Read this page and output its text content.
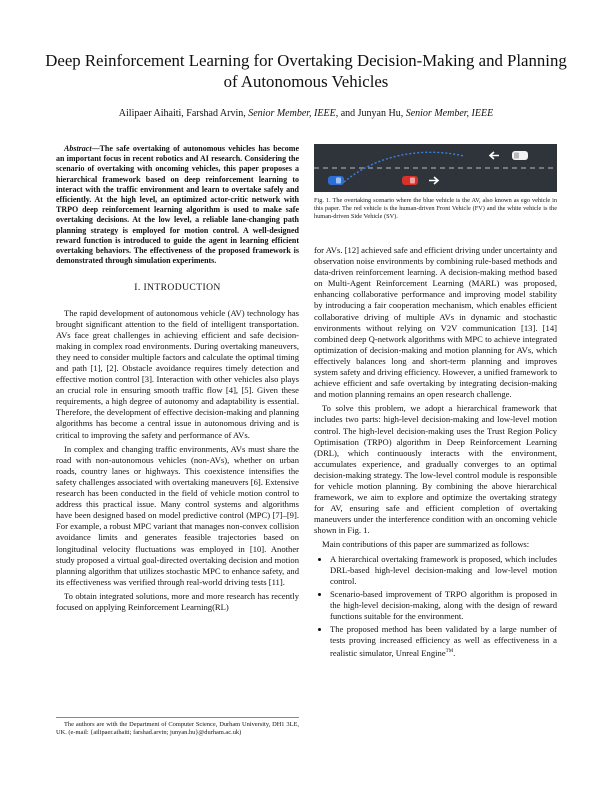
Deep Reinforcement Learning for Overtaking Decision-Making and Planning of Autonomous Vehicles
Ailipaer Aihaiti, Farshad Arvin, Senior Member, IEEE, and Junyan Hu, Senior Member, IEEE

Abstract—The safe overtaking of autonomous vehicles has become an important focus in recent robotics and AI research. Considering the scenario of overtaking with oncoming vehicles, this paper proposes a hierarchical framework based on deep reinforcement learning to interact with the traffic environment and learn to overtake safely and efficiently. At the high level, an optimized actor-critic network with TRPO deep reinforcement learning algorithm is used to make safe overtaking decisions. At the low level, a reliable lane-changing path planning strategy is employed for motion control. A well-designed reward function is introduced to guide the agent in learning efficient overtaking behaviors. The effectiveness of the proposed framework is demonstrated through simulation experiments.

I. INTRODUCTION

The rapid development of autonomous vehicle (AV) technology has brought significant attention to the field of intelligent transportation. AVs face great challenges in achieving efficient and safe decision-making in complex road environments. During overtaking maneuvers, they need to consider multiple factors and calculate the optimal timing and path [1], [2]. Obstacle avoidance requires timely detection and effective motion control [3]. Interaction with other vehicles also plays an crucial role in ensuring smooth traffic flow [4], [5]. Given these requirements, a high degree of autonomy and adaptability is essential. Therefore, the development of effective decision-making and planning algorithms has become a central issue in autonomous driving and is critical to improving the safety and performance of AVs.

In complex and changing traffic environments, AVs must share the road with non-autonomous vehicles (non-AVs), whether on urban roads, country lanes or highways. This coexistence intensifies the safety challenges associated with overtaking maneuvers [6]. Extensive research has been conducted in the field of vehicle motion control to address this practical issue. Many control systems and algorithms have been designed based on model predictive control (MPC) [7]–[9]. For example, a robust MPC variant that manages non-convex collision avoidance limits and generates feasible trajectories based on longitudinal velocity fluctuations was employed in [10]. Another study proposed a virtual goal-directed overtaking decision and motion planning algorithm that utilizes stochastic MPC to enhance safety, and its effectiveness was verified through real-world driving tests [11].

To obtain integrated solutions, more and more research has recently focused on applying Reinforcement Learning(RL)

The authors are with the Department of Computer Science, Durham University, DH1 3LE, UK. (e-mail: {ailipaer.aihaiti; farshad.arvin; junyan.hu}@durham.ac.uk)

Fig. 1. The overtaking scenario where the blue vehicle is the AV, also known as ego vehicle in this paper. The red vehicle is the human-driven Front Vehicle (FV) and the white vehicle is the human-driven Side Vehicle (SV).

for AVs. [12] achieved safe and efficient driving under uncertainty and observation noise environments by combining rule-based methods and data-driven reinforcement learning. A decision-making method based on Multi-Agent Reinforcement Learning (MARL) was proposed, enhancing collaborative performance and improving model stability by introducing a fair cooperation mechanism, which enables efficient collaborative driving of multiple AVs in dynamic and stochastic environments without relying on V2V communication [13]. [14] combined deep Q-network algorithms with MPC to achieve integrated optimization of decision-making and motion planning for AVs, which effectively balances long and short-term planning and improves system safety and driving efficiency. However, a unified framework to achieve efficient and safe overtaking by integrating decision-making and motion planning remains an open research challenge.

To solve this problem, we adopt a hierarchical framework that includes two parts: high-level decision-making and low-level motion control. The high-level decision-making uses the Trust Region Policy Optimisation (TRPO) algorithm in Deep Reinforcement Learning (DRL), which continuously interacts with the environment, accumulates experience, and gradually converges to an optimal decision-making strategy. The low-level control module is responsible for vehicle motion planning. By combining the above hierarchical framework, we aim to explore and optimize the overtaking strategy for AV, ensuring safe and efficient completion of overtaking maneuvers under the interference condition with an oncoming vehicle shown in Fig. 1.

Main contributions of this paper are summarized as follows:

• A hierarchical overtaking framework is proposed, which includes DRL-based high-level decision-making and low-level motion control.
• Scenario-based improvement of TRPO algorithm is proposed in the high-level decision-making, along with the design of reward functions suitable for the environment.
• The proposed method has been validated by a large number of tests proving increased efficiency as well as effectiveness in a realistic simulator, Unreal Engine™.
